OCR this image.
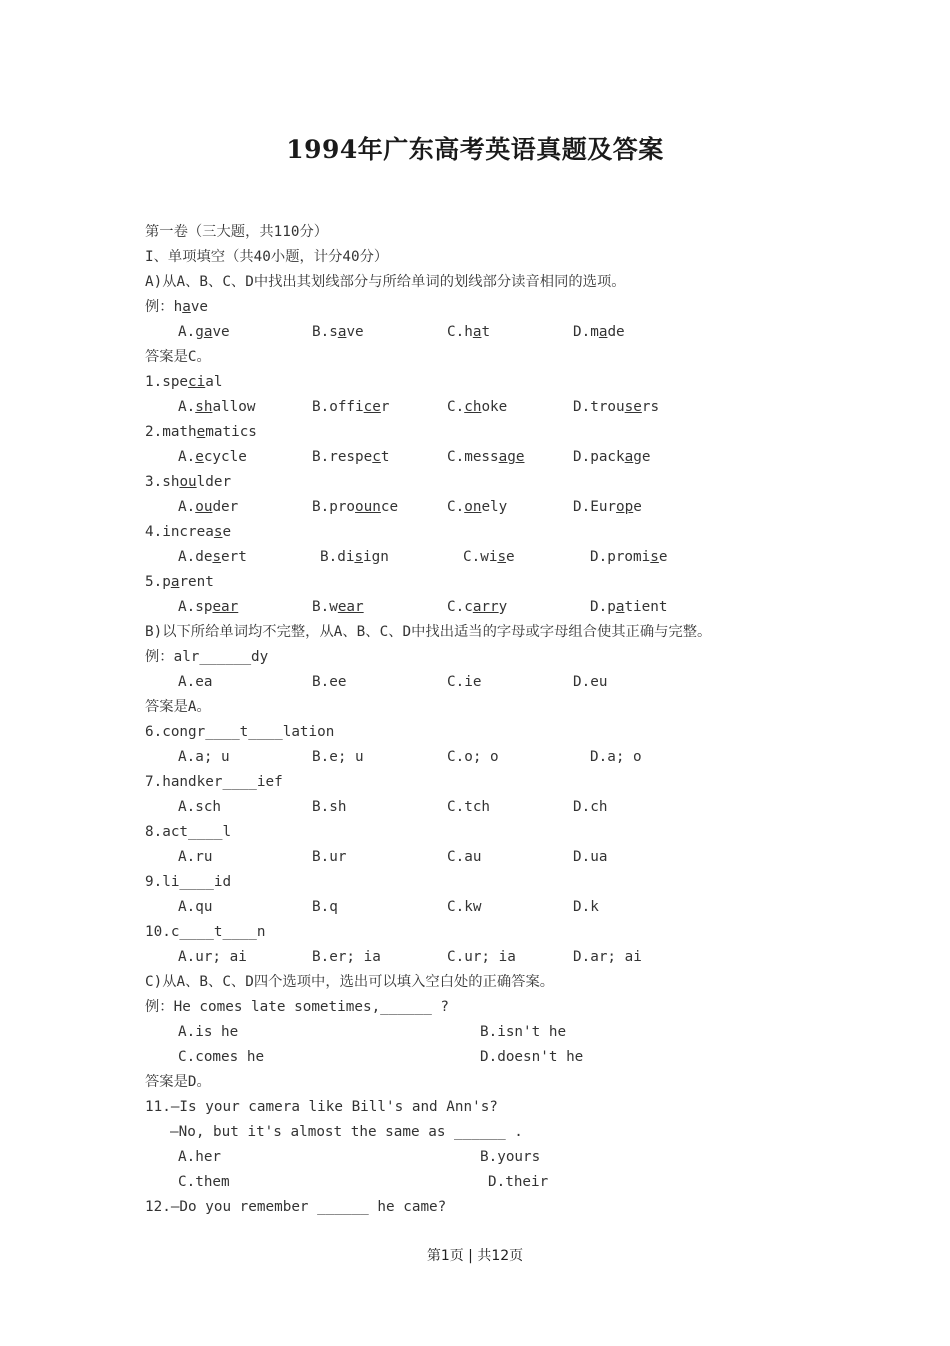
1994年广东高考英语真题及答案
第一卷（三大题，共110分）
I、单项填空（共40小题，计分40分）
A)从A、B、C、D中找出其划线部分与所给单词的划线部分读音相同的选项。
例：have
A.gave	B.save	C.hat	D.made
答案是C。
1.special
A.shallow	B.officer	C.choke	D.trousers
2.mathematics
A.ecycle	B.respect	C.message	D.package
3.shoulder
A.ouder	B.proounce	C.onely	D.Europe
4.increase
A.desert	B.disign	C.wise	D.promise
5.parent
A.spear	B.wear	C.carry	D.patient
B)以下所给单词均不完整，从A、B、C、D中找出适当的字母或字母组合使其正确与完整。
例：alr______dy
A.ea	B.ee	C.ie	D.eu
答案是A。
6.congr____t____lation
A.a; u	B.e; u	C.o; o	D.a; o
7.handker____ief
A.sch	B.sh	C.tch	D.ch
8.act____l
A.ru	B.ur	C.au	D.ua
9.li____id
A.qu	B.q	C.kw	D.k
10.c____t____n
A.ur; ai	B.er; ia	C.ur; ia	D.ar; ai
C)从A、B、C、D四个选项中，选出可以填入空白处的正确答案。
例：He comes late sometimes,______ ?
A.is he	B.isn't he
C.comes he	D.doesn't he
答案是D。
11.—Is your camera like Bill's and Ann's?
—No, but it's almost the same as ______ .
A.her	B.yours
C.them	D.their
12.—Do you remember ______ he came?
第1页 | 共12页
